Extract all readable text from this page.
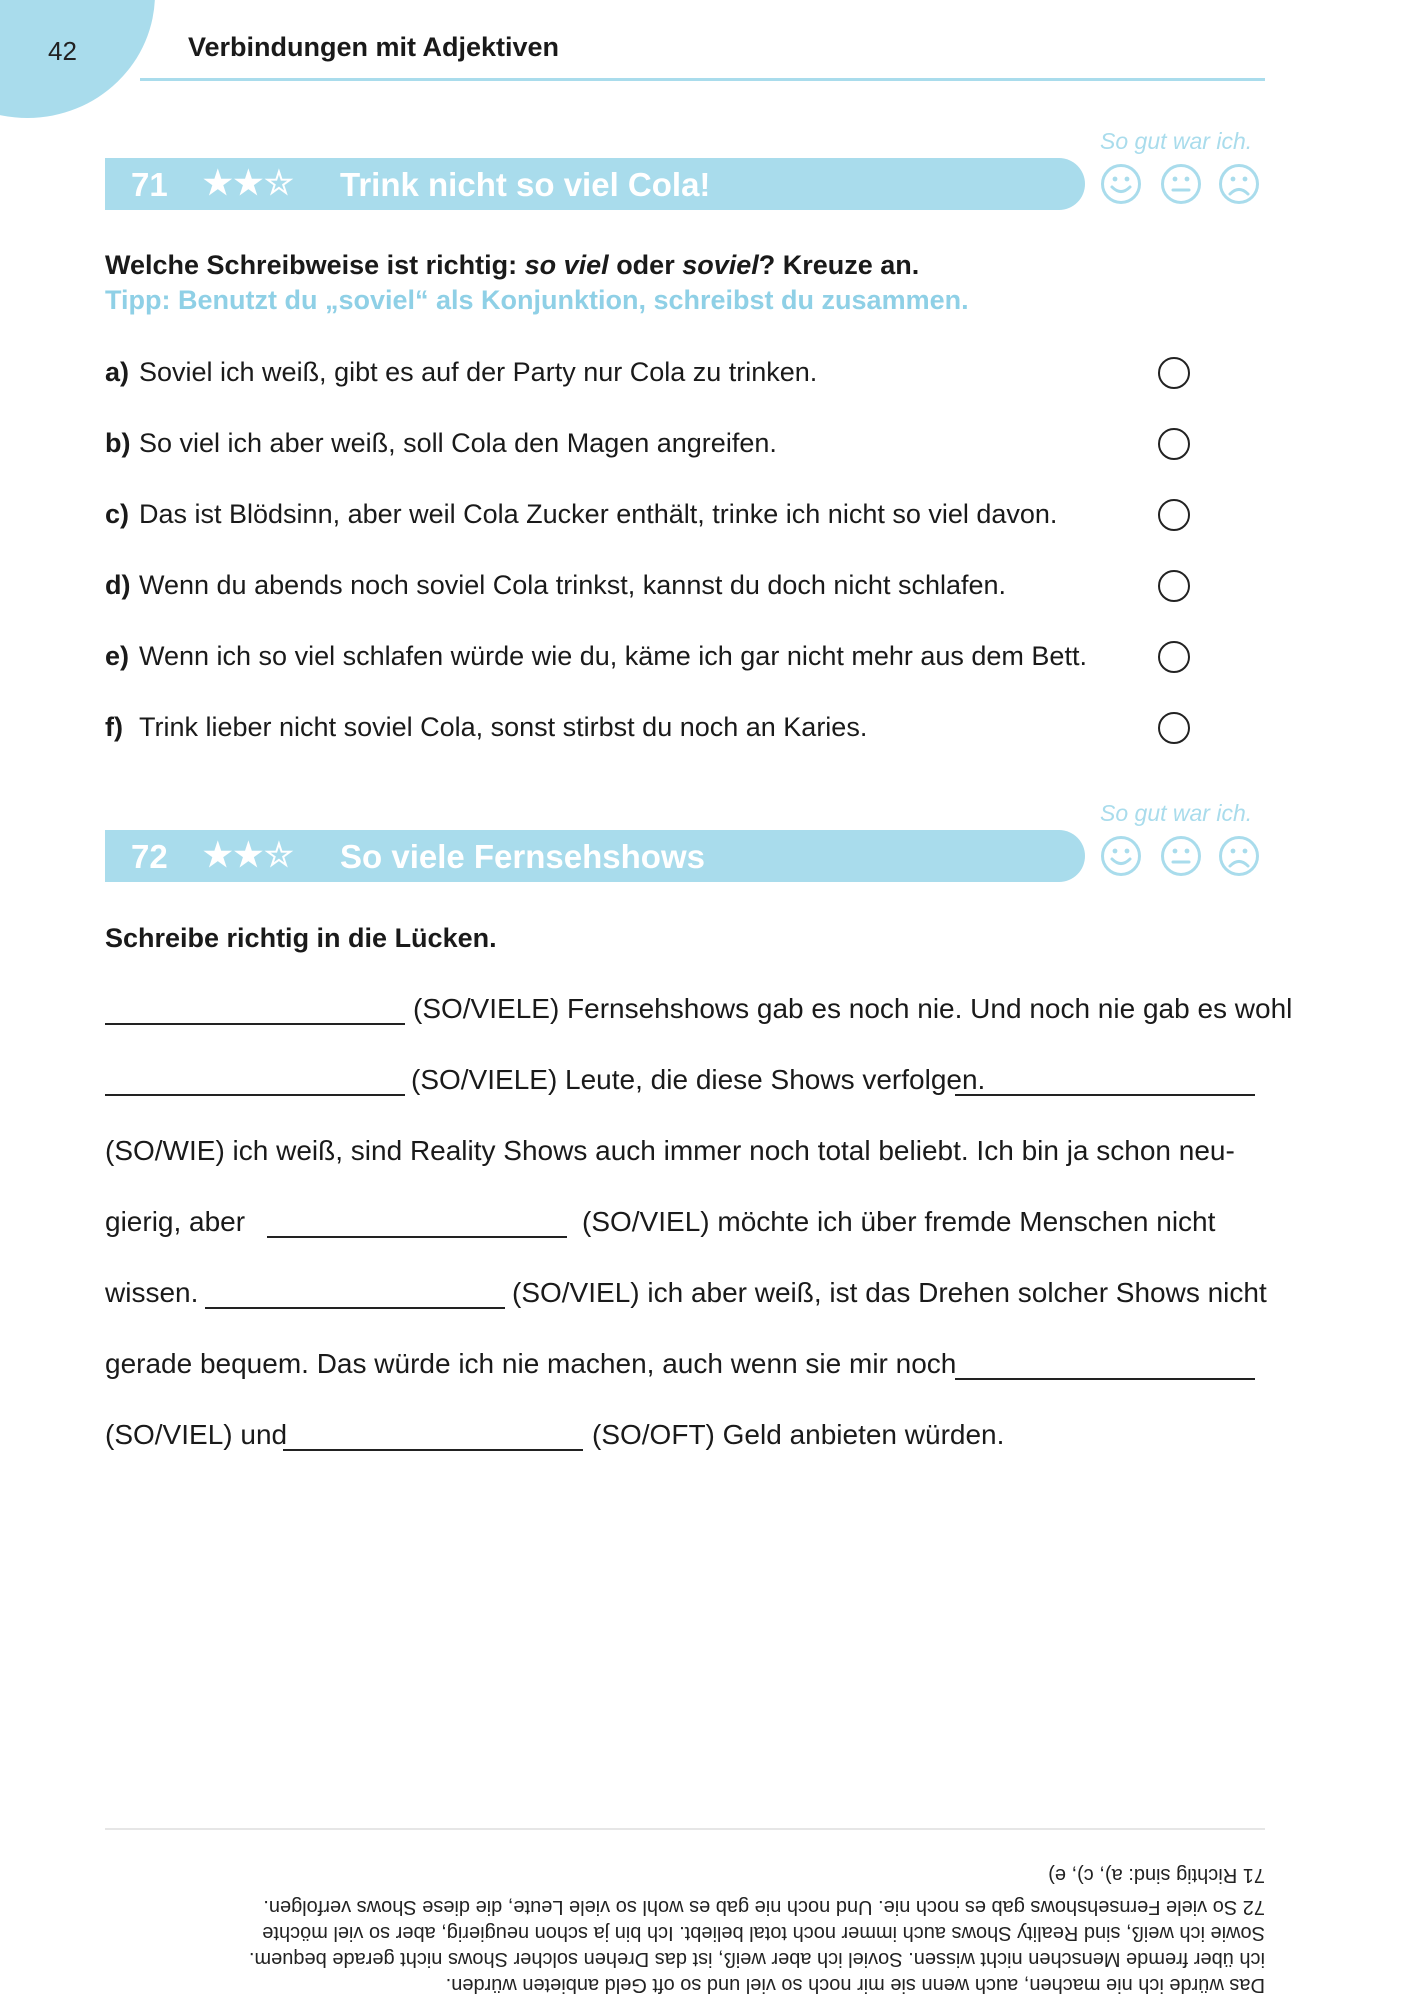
42	Verbindungen mit Adjektiven
So gut war ich.
71 ★★☆ Trink nicht so viel Cola!
Welche Schreibweise ist richtig: so viel oder soviel? Kreuze an.
Tipp: Benutzt du „soviel“ als Konjunktion, schreibst du zusammen.
a) Soviel ich weiß, gibt es auf der Party nur Cola zu trinken.
b) So viel ich aber weiß, soll Cola den Magen angreifen.
c) Das ist Blödsinn, aber weil Cola Zucker enthält, trinke ich nicht so viel davon.
d) Wenn du abends noch soviel Cola trinkst, kannst du doch nicht schlafen.
e) Wenn ich so viel schlafen würde wie du, käme ich gar nicht mehr aus dem Bett.
f) Trink lieber nicht soviel Cola, sonst stirbst du noch an Karies.
So gut war ich.
72 ★★☆ So viele Fernsehshows
Schreibe richtig in die Lücken.
(SO/VIELE) Fernsehshows gab es noch nie. Und noch nie gab es wohl
(SO/VIELE) Leute, die diese Shows verfolgen.
(SO/WIE) ich weiß, sind Reality Shows auch immer noch total beliebt. Ich bin ja schon neu-
gierig, aber	(SO/VIEL) möchte ich über fremde Menschen nicht
wissen.	(SO/VIEL) ich aber weiß, ist das Drehen solcher Shows nicht
gerade bequem. Das würde ich nie machen, auch wenn sie mir noch
(SO/VIEL) und	(SO/OFT) Geld anbieten würden.
Das würde ich nie machen, auch wenn sie mir noch so viel und so oft Geld anbieten würden.
ich über fremde Menschen nicht wissen. Soviel ich aber weiß, ist das Drehen solcher Shows nicht gerade bequem.
Sowie ich weiß, sind Reality Shows auch immer noch total beliebt. Ich bin ja schon neugierig, aber so viel möchte
72 So viele Fernsehshows gab es noch nie. Und noch nie gab es wohl so viele Leute, die diese Shows verfolgen.
71 Richtig sind: a), c), e)
